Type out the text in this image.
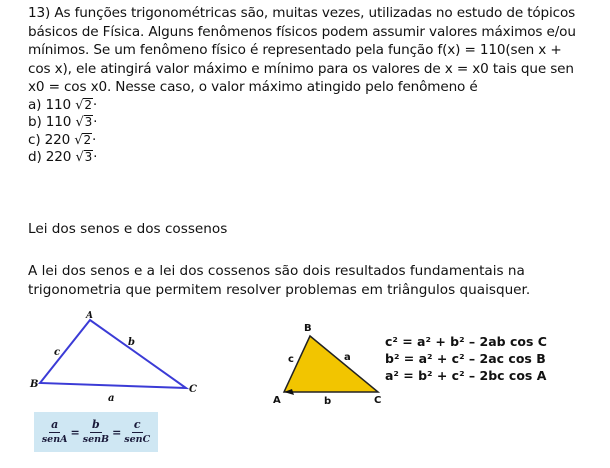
13) As funções trigonométricas são, muitas vezes, utilizadas no estudo de tópicos básicos de Física. Alguns fenômenos físicos podem assumir valores máximos e/ou mínimos. Se um fenômeno físico é representado pela função f(x) = 110(sen x + cos x), ele atingirá valor máximo e mínimo para os valores de x = x0 tais que sen x0 = cos x0. Nesse caso, o valor máximo atingido pelo fenômeno é

a) 110 √2·
b) 110 √3·
c) 220 √2·
d) 220 √3·
Lei dos senos e dos cossenos
A lei dos senos e a lei dos cossenos são dois resultados fundamentais na trigonometria que permitem resolver problemas em triângulos quaisquer.
A
B	C
b
c
a
$\frac{a}{\text{senA}} = \frac{b}{\text{senB}} = \frac{c}{\text{senC}}$
B
A	C
a
b
c
c² = a² + b² – 2ab cos C
b² = a² + c² – 2ac cos B
a² = b² + c² – 2bc cos A
